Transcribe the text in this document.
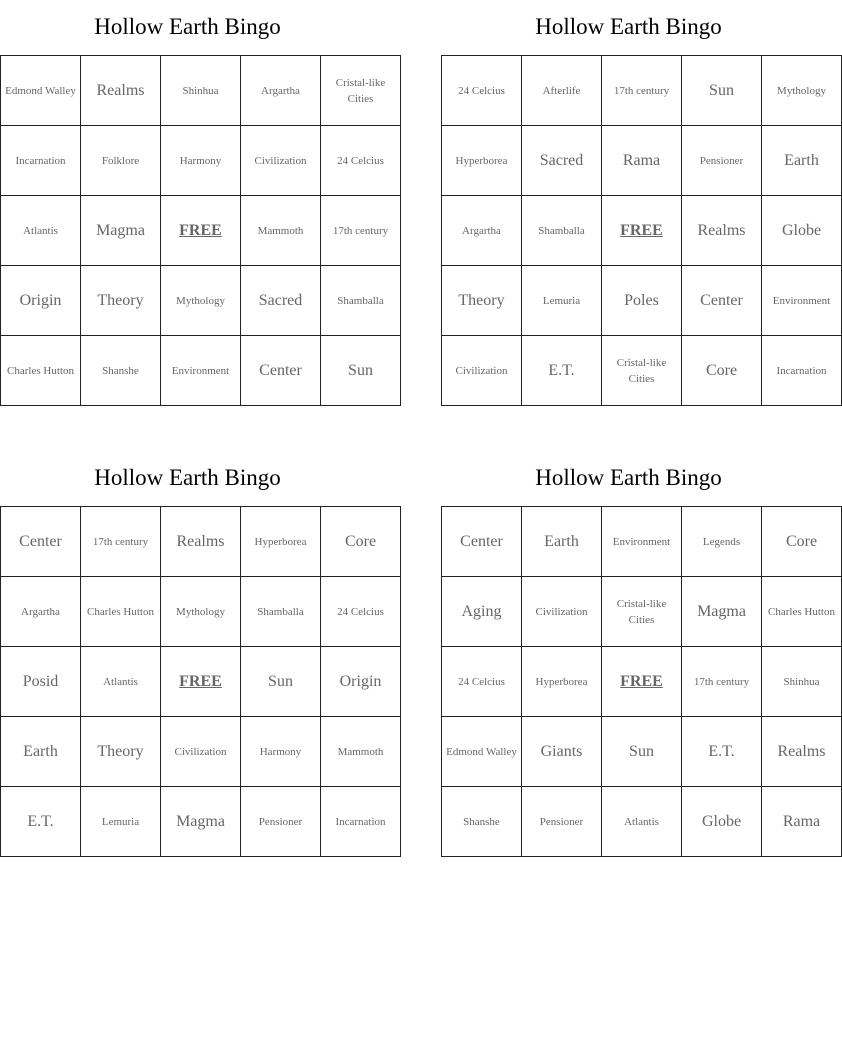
Hollow Earth Bingo
Edmond Walley	Realms	Shinhua	Argartha	Cristal-like Cities
Incarnation	Folklore	Harmony	Civilization	24 Celcius
Atlantis	Magma	FREE	Mammoth	17th century
Origin	Theory	Mythology	Sacred	Shamballa
Charles Hutton	Shanshe	Environment	Center	Sun
Hollow Earth Bingo
24 Celcius	Afterlife	17th century	Sun	Mythology
Hyperborea	Sacred	Rama	Pensioner	Earth
Argartha	Shamballa	FREE	Realms	Globe
Theory	Lemuria	Poles	Center	Environment
Civilization	E.T.	Cristal-like Cities	Core	Incarnation
Hollow Earth Bingo
Center	17th century	Realms	Hyperborea	Core
Argartha	Charles Hutton	Mythology	Shamballa	24 Celcius
Posid	Atlantis	FREE	Sun	Origin
Earth	Theory	Civilization	Harmony	Mammoth
E.T.	Lemuria	Magma	Pensioner	Incarnation
Hollow Earth Bingo
Center	Earth	Environment	Legends	Core
Aging	Civilization	Cristal-like Cities	Magma	Charles Hutton
24 Celcius	Hyperborea	FREE	17th century	Shinhua
Edmond Walley	Giants	Sun	E.T.	Realms
Shanshe	Pensioner	Atlantis	Globe	Rama
